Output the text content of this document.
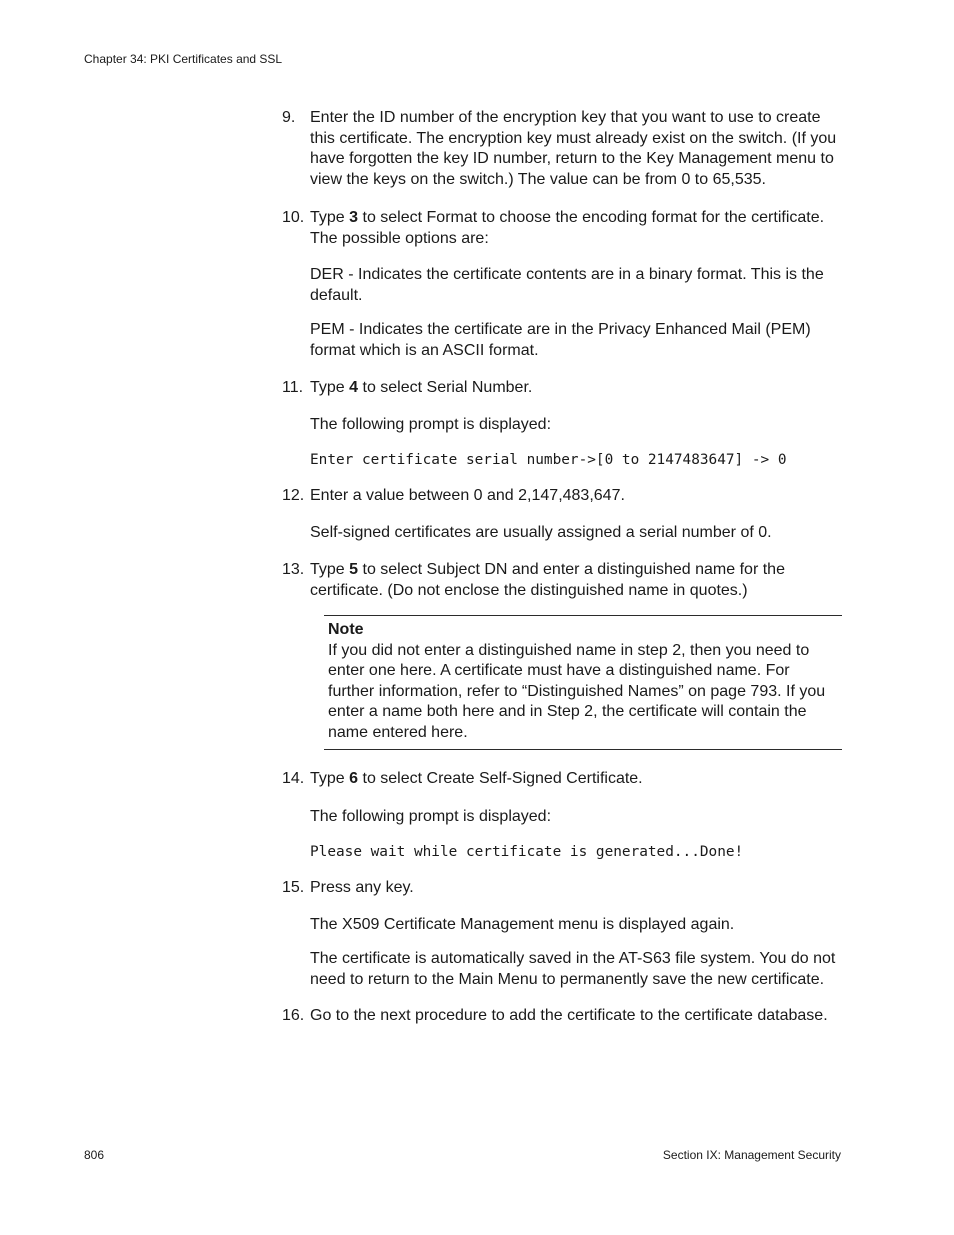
Chapter 34: PKI Certificates and SSL
9. Enter the ID number of the encryption key that you want to use to create this certificate. The encryption key must already exist on the switch. (If you have forgotten the key ID number, return to the Key Management menu to view the keys on the switch.) The value can be from 0 to 65,535.
10. Type 3 to select Format to choose the encoding format for the certificate. The possible options are:

DER - Indicates the certificate contents are in a binary format. This is the default.

PEM - Indicates the certificate are in the Privacy Enhanced Mail (PEM) format which is an ASCII format.

11. Type 4 to select Serial Number.

The following prompt is displayed:

Enter certificate serial number->[0 to 2147483647] -> 0
12. Enter a value between 0 and 2,147,483,647.

Self-signed certificates are usually assigned a serial number of 0.

13. Type 5 to select Subject DN and enter a distinguished name for the certificate. (Do not enclose the distinguished name in quotes.)
Note
If you did not enter a distinguished name in step 2, then you need to enter one here. A certificate must have a distinguished name. For further information, refer to “Distinguished Names” on page 793. If you enter a name both here and in Step 2, the certificate will contain the name entered here.
14. Type 6 to select Create Self-Signed Certificate.

The following prompt is displayed:

Please wait while certificate is generated...Done!
15. Press any key.

The X509 Certificate Management menu is displayed again.

The certificate is automatically saved in the AT-S63 file system. You do not need to return to the Main Menu to permanently save the new certificate.

16. Go to the next procedure to add the certificate to the certificate database.
806	Section IX: Management Security
